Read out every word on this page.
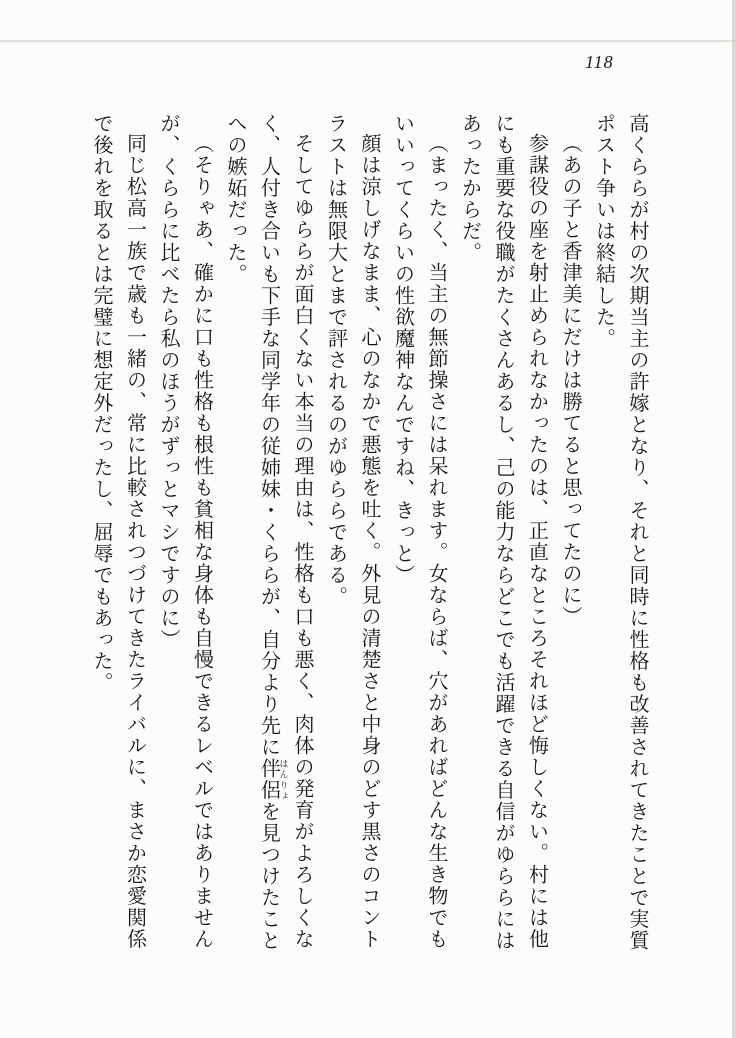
118

高くららが村の次期当主の許嫁となり、それと同時に性格も改善されてきたことで実質ポスト争いは終結した。

（あの子と香津美にだけは勝てると思ってたのに）

参謀役の座を射止められなかったのは、正直なところそれほど悔しくない。村には他にも重要な役職がたくさんあるし、己の能力ならどこでも活躍できる自信がゆららにはあったからだ。

（まったく、当主の無節操さには呆れます。女ならば、穴があればどんな生き物でもいいってくらいの性欲魔神なんですね、きっと）

顔は涼しげなまま、心のなかで悪態を吐く。外見の清楚さと中身のどす黒さのコントラストは無限大とまで評されるのがゆららである。

そしてゆららが面白くない本当の理由は、性格も口も悪く、肉体の発育がよろしくなく、人付き合いも下手な同学年の従姉妹・くららが、自分より先に伴侶 はんりょを見つけたことへの嫉妬だった。

（そりゃあ、確かに口も性格も根性も貧相な身体も自慢できるレベルではありませんが、くららに比べたら私のほうがずっとマシですのに）

同じ松高一族で歳も一緒の、常に比較されつづけてきたライバルに、まさか恋愛関係で後れを取るとは完璧に想定外だったし、屈辱でもあった。
